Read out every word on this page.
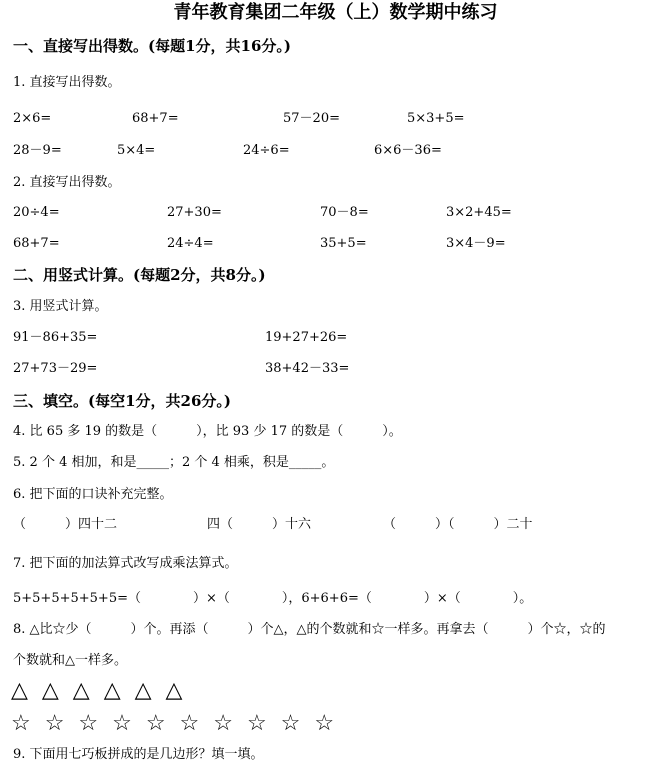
青年教育集团二年级（上）数学期中练习
一、直接写出得数。(每题1分，共16分。)
1. 直接写出得数。
2×6=	68+7=	57－20=	5×3+5=
28－9=	5×4=	24÷6=	6×6－36=
2. 直接写出得数。
20÷4=	27+30=	70－8=	3×2+45=
68+7=	24÷4=	35+5=	3×4－9=
二、用竖式计算。(每题2分，共8分。)
3. 用竖式计算。
91－86+35=	19+27+26=
27+73－29=	38+42－33=
三、填空。(每空1分，共26分。)
4. 比 65 多 19 的数是（　　　），比 93 少 17 的数是（　　　）。
5. 2 个 4 相加，和是_____；2 个 4 相乘，积是_____。
6. 把下面的口诀补充完整。
（　　　）四十二	四（　　　）十六	（　　　）（　　　）二十
7. 把下面的加法算式改写成乘法算式。
5+5+5+5+5+5=（　　　　）×（　　　　），6+6+6=（　　　　）×（　　　　）。
8. △比☆少（　　　）个。再添（　　　）个△，△的个数就和☆一样多。再拿去（　　　）个☆，☆的
个数就和△一样多。
△  △  △  △  △  △
☆  ☆  ☆  ☆  ☆  ☆  ☆  ☆  ☆  ☆
9. 下面用七巧板拼成的是几边形？填一填。
